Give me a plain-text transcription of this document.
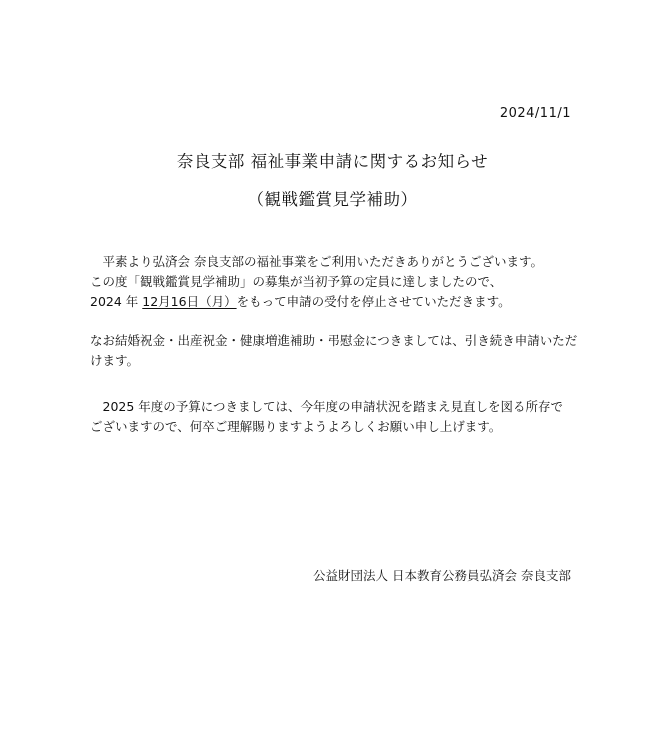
2024/11/1
奈良支部 福祉事業申請に関するお知らせ
（観戦鑑賞見学補助）
　平素より弘済会 奈良支部の福祉事業をご利用いただきありがとうございます。
この度「観戦鑑賞見学補助」の募集が当初予算の定員に達しましたので、
2024 年 12月16日（月）をもって申請の受付を停止させていただきます。
なお結婚祝金・出産祝金・健康増進補助・弔慰金につきましては、引き続き申請いただ
けます。
　2025 年度の予算につきましては、今年度の申請状況を踏まえ見直しを図る所存で
ございますので、何卒ご理解賜りますようよろしくお願い申し上げます。
公益財団法人 日本教育公務員弘済会 奈良支部
